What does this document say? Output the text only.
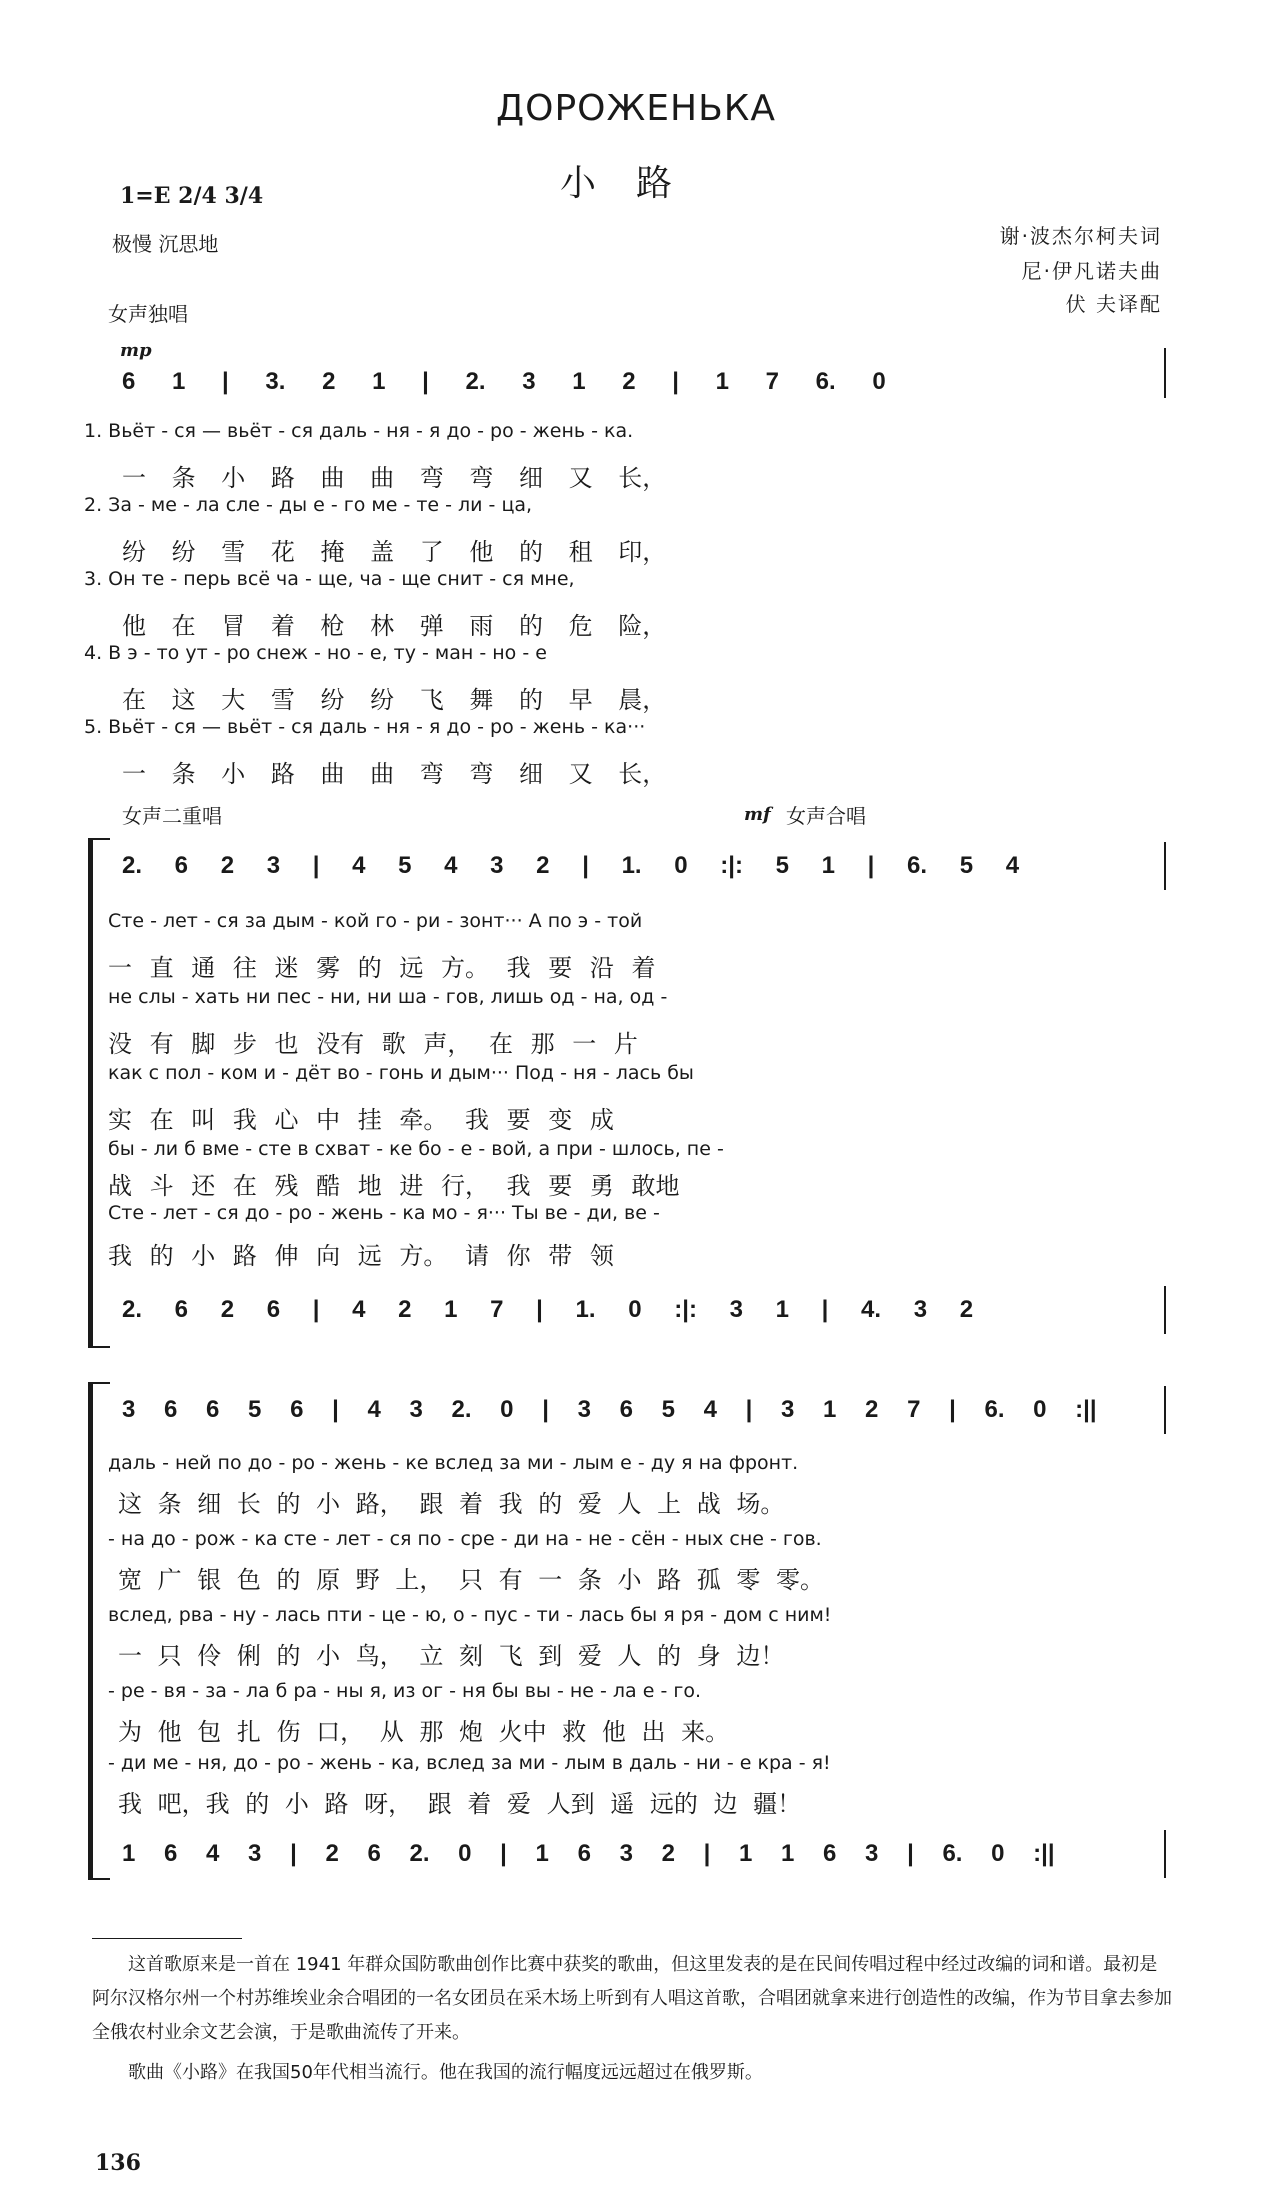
ДОРОЖЕНЬКА
小路
1=E 2/4 3/4
极慢 沉思地	谢·波杰尔柯夫词
尼·伊凡诺夫曲
伏 夫译配
女声独唱
mp
6 1 | 3. 2 1 | 2. 3 1 2 | 1 7 6. 0
1. Вьёт - ся — вьёт - ся даль - ня - я до - ро - жень - ка.
一 条 小 路 曲 曲 弯 弯 细 又 长，
2. За - ме - ла сле - ды е - го ме - те - ли - ца,
纷 纷 雪 花 掩 盖 了 他 的 租 印，
3. Он те - перь всё ча - ще, ча - ще снит - ся мне,
他 在 冒 着 枪 林 弹 雨 的 危 险，
4. В э - то ут - ро снеж - но - е, ту - ман - но - е
在 这 大 雪 纷 纷 飞 舞 的 早 晨，
5. Вьёт - ся — вьёт - ся даль - ня - я до - ро - жень - ка···
一 条 小 路 曲 曲 弯 弯 细 又 长，
女声二重唱	mf 女声合唱
2. 6 2 3 | 4 5 4 3 2 | 1. 0 :|: 5 1 | 6. 5 4
Сте - лет - ся за дым - кой го - ри - зонт··· А по э - той
一 直 通 往 迷 雾 的 远 方。 我 要 沿 着
не слы - хать ни пес - ни, ни ша - гов, лишь од - на, од -
没 有 脚 步 也 没有 歌 声， 在 那 一 片
как с пол - ком и - дёт во - гонь и дым··· Под - ня - лась бы
实 在 叫 我 心 中 挂 牵。 我 要 变 成
бы - ли б вме - сте в схват - ке бо - е - вой, а при - шлось, пе -
战 斗 还 在 残 酷 地 进 行， 我 要 勇 敢地
Сте - лет - ся до - ро - жень - ка мо - я··· Ты ве - ди, ве -
我 的 小 路 伸 向 远 方。 请 你 带 领
2. 6 2 6 | 4 2 1 7 | 1. 0 :|: 3 1 | 4. 3 2
3 6 6 5 6 | 4 3 2. 0 | 3 6 5 4 | 3 1 2 7 | 6. 0 :||
даль - ней по до - ро - жень - ке вслед за ми - лым е - ду я на фронт.
这 条 细 长 的 小 路， 跟 着 我 的 爱 人 上 战 场。
- на до - рож - ка сте - лет - ся по - сре - ди на - не - сён - ных сне - гов.
宽 广 银 色 的 原 野 上， 只 有 一 条 小 路 孤 零 零。
вслед, рва - ну - лась пти - це - ю, о - пус - ти - лась бы я ря - дом с ним!
一 只 伶 俐 的 小 鸟， 立 刻 飞 到 爱 人 的 身 边！
- ре - вя - за - ла б ра - ны я, из ог - ня бы вы - не - ла е - го.
为 他 包 扎 伤 口， 从 那 炮 火中 救 他 出 来。
- ди ме - ня, до - ро - жень - ка, вслед за ми - лым в даль - ни - е кра - я!
我 吧，我 的 小 路 呀， 跟 着 爱 人到 遥 远的 边 疆！
1 6 4 3 | 2 6 2. 0 | 1 6 3 2 | 1 1 6 3 | 6. 0 :||
这首歌原来是一首在 1941 年群众国防歌曲创作比赛中获奖的歌曲，但这里发表的是在民间传唱过程中经过改编的词和谱。最初是阿尔汉格尔州一个村苏维埃业余合唱团的一名女团员在采木场上听到有人唱这首歌，合唱团就拿来进行创造性的改编，作为节目拿去参加全俄农村业余文艺会演，于是歌曲流传了开来。
歌曲《小路》在我国50年代相当流行。他在我国的流行幅度远远超过在俄罗斯。
136
